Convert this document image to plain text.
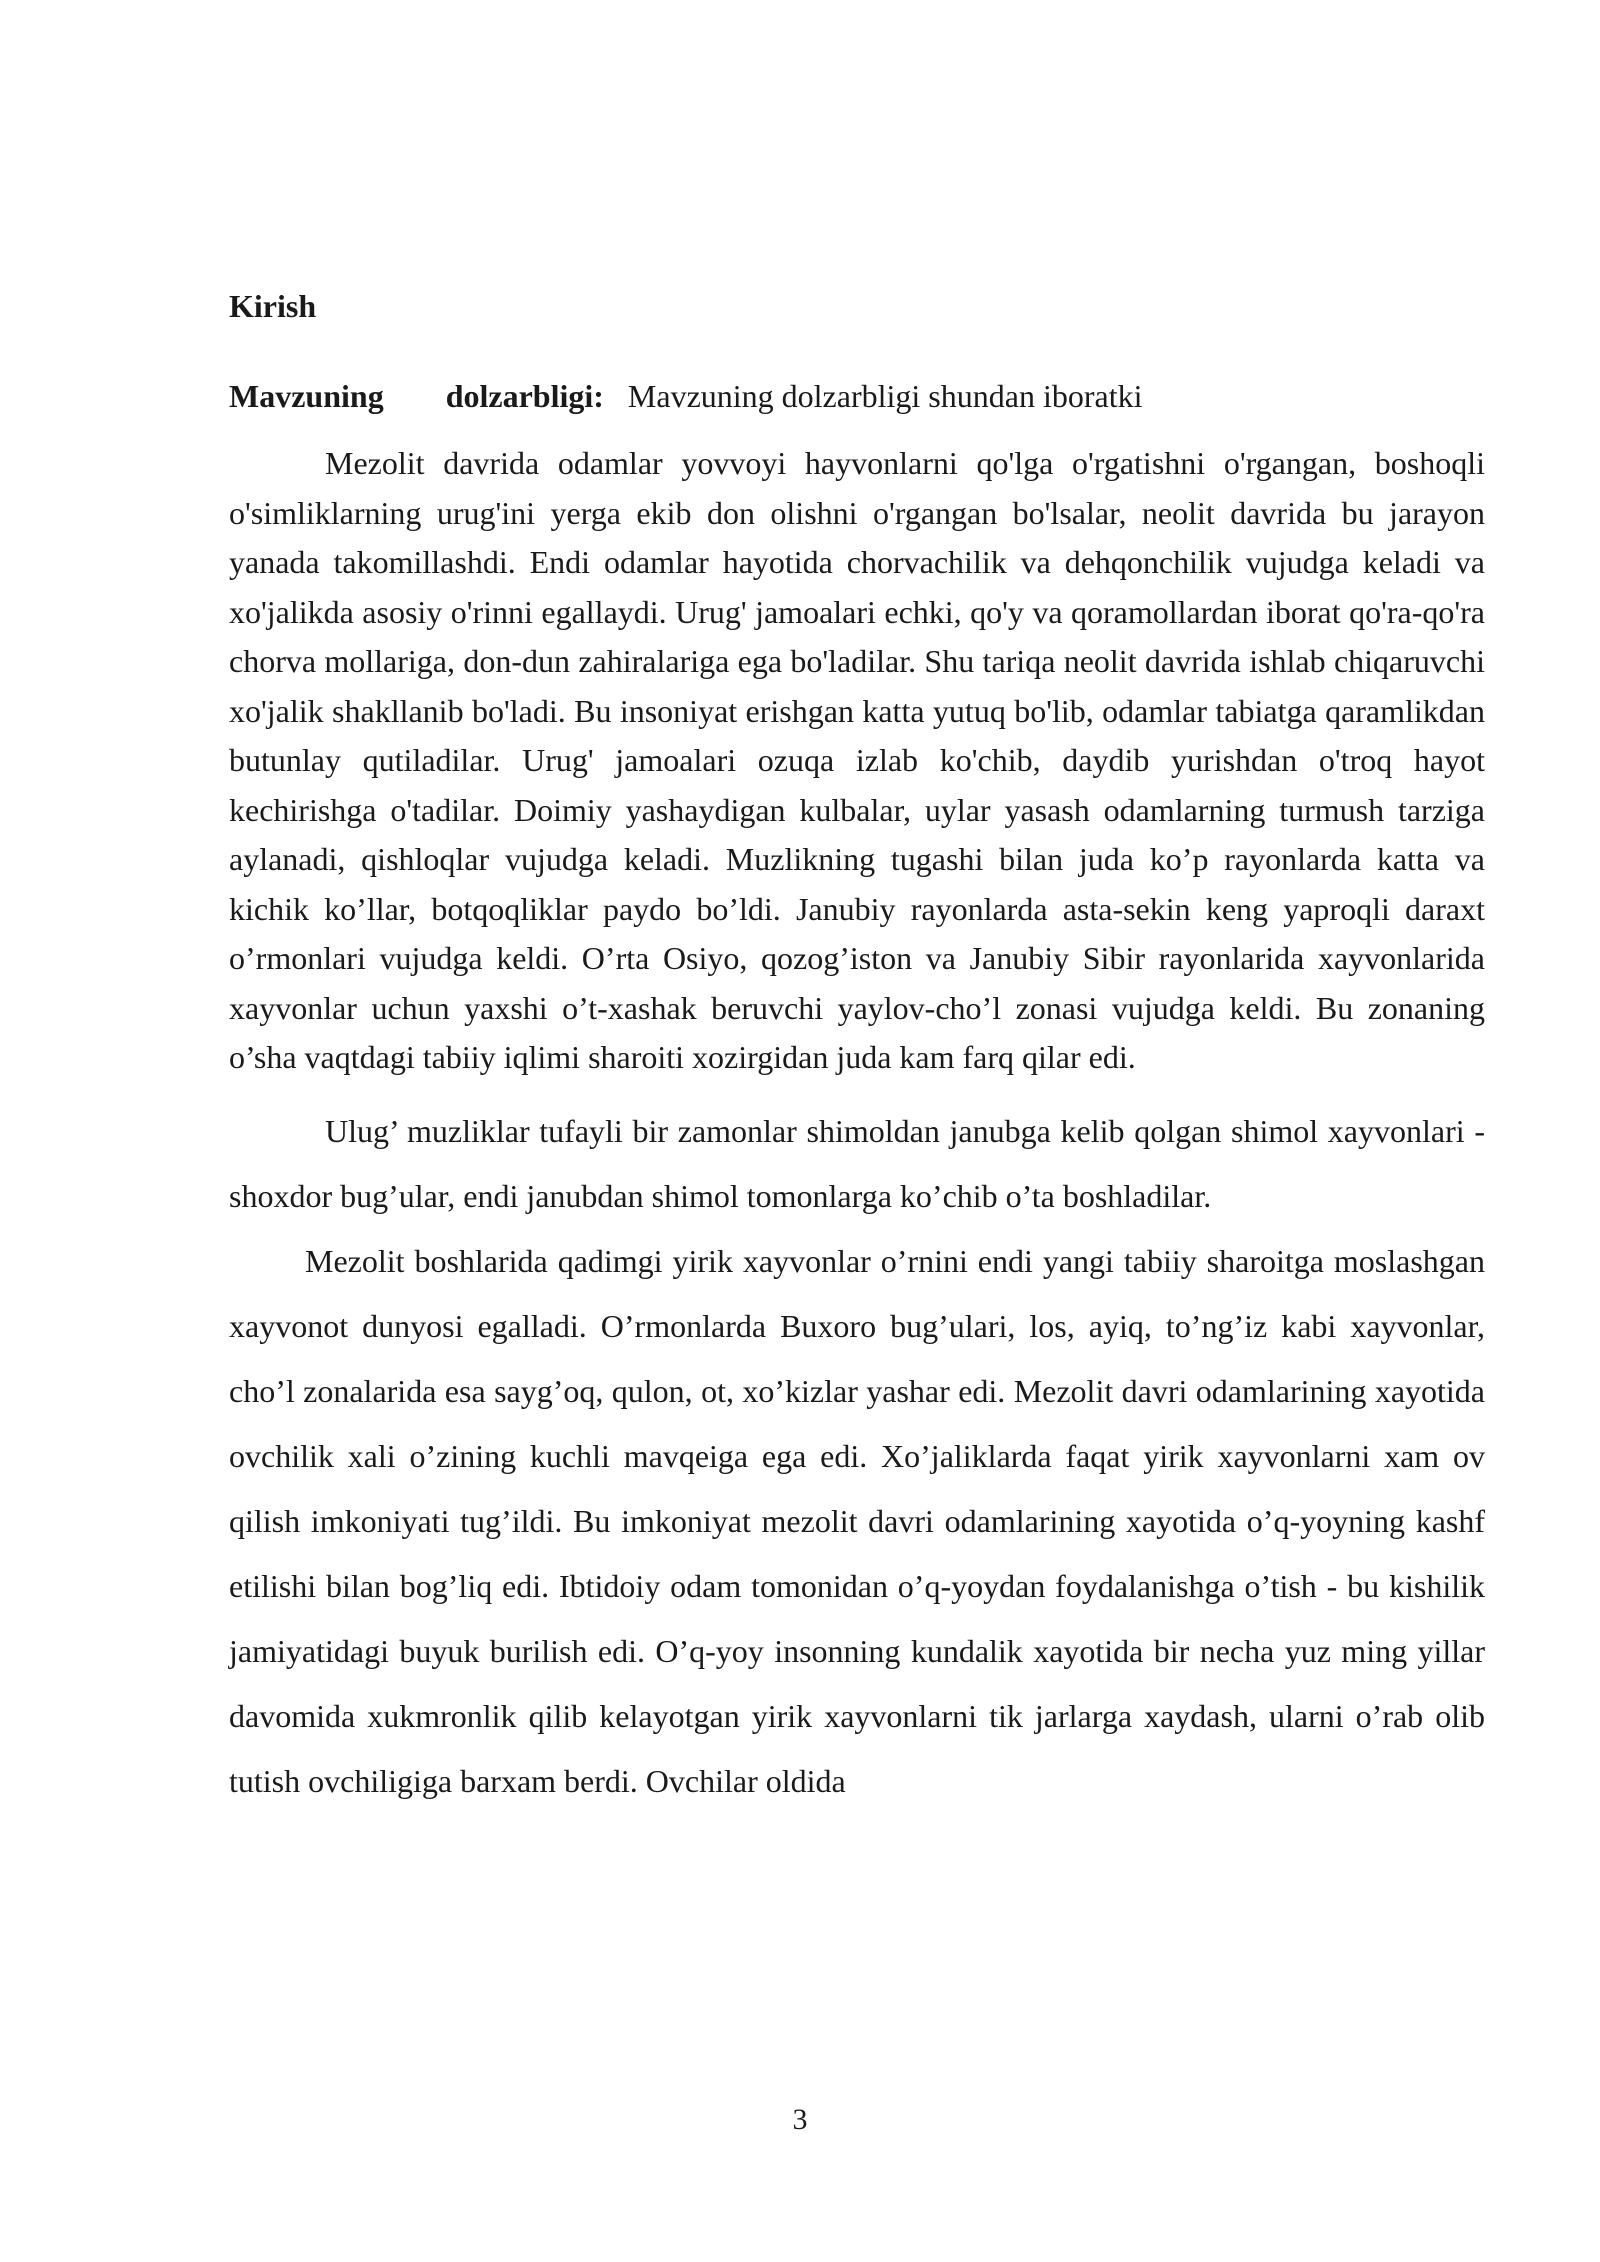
Kirish
Mavzuning dolzarbligi: Mavzuning dolzarbligi shundan iboratki

Mezolit davrida odamlar yovvoyi hayvonlarni qo'lga o'rgatishni o'rgangan, boshoqli o'simliklarning urug'ini yerga ekib don olishni o'rgangan bo'lsalar, neolit davrida bu jarayon yanada takomillashdi. Endi odamlar hayotida chorvachilik va dehqonchilik vujudga keladi va xo'jalikda asosiy o'rinni egallaydi. Urug' jamoalari echki, qo'y va qoramollardan iborat qo'ra-qo'ra chorva mollariga, don-dun zahiralariga ega bo'ladilar. Shu tariqa neolit davrida ishlab chiqaruvchi xo'jalik shakllanib bo'ladi. Bu insoniyat erishgan katta yutuq bo'lib, odamlar tabiatga qaramlikdan butunlay qutiladilar. Urug' jamoalari ozuqa izlab ko'chib, daydib yurishdan o'troq hayot kechirishga o'tadilar. Doimiy yashaydigan kulbalar, uylar yasash odamlarning turmush tarziga aylanadi, qishloqlar vujudga keladi. Muzlikning tugashi bilan juda ko’p rayonlarda katta va kichik ko’llar, botqoqliklar paydo bo’ldi. Janubiy rayonlarda asta-sekin keng yaproqli daraxt o’rmonlari vujudga keldi. O’rta Osiyo, qozog’iston va Janubiy Sibir rayonlarida xayvonlarida xayvonlar uchun yaxshi o’t-xashak beruvchi yaylov-cho’l zonasi vujudga keldi. Bu zonaning o’sha vaqtdagi tabiiy iqlimi sharoiti xozirgidan juda kam farq qilar edi.

Ulug’ muzliklar tufayli bir zamonlar shimoldan janubga kelib qolgan shimol xayvonlari - shoxdor bug’ular, endi janubdan shimol tomonlarga ko’chib o’ta boshladilar.

Mezolit boshlarida qadimgi yirik xayvonlar o’rnini endi yangi tabiiy sharoitga moslashgan xayvonot dunyosi egalladi. O’rmonlarda Buxoro bug’ulari, los, ayiq, to’ng’iz kabi xayvonlar, cho’l zonalarida esa sayg’oq, qulon, ot, xo’kizlar yashar edi. Mezolit davri odamlarining xayotida ovchilik xali o’zining kuchli mavqeiga ega edi. Xo’jaliklarda faqat yirik xayvonlarni xam ov qilish imkoniyati tug’ildi. Bu imkoniyat mezolit davri odamlarining xayotida o’q-yoyning kashf etilishi bilan bog’liq edi. Ibtidoiy odam tomonidan o’q-yoydan foydalanishga o’tish - bu kishilik jamiyatidagi buyuk burilish edi. O’q-yoy insonning kundalik xayotida bir necha yuz ming yillar davomida xukmronlik qilib kelayotgan yirik xayvonlarni tik jarlarga xaydash, ularni o’rab olib tutish ovchiligiga barxam berdi. Ovchilar oldida

3
